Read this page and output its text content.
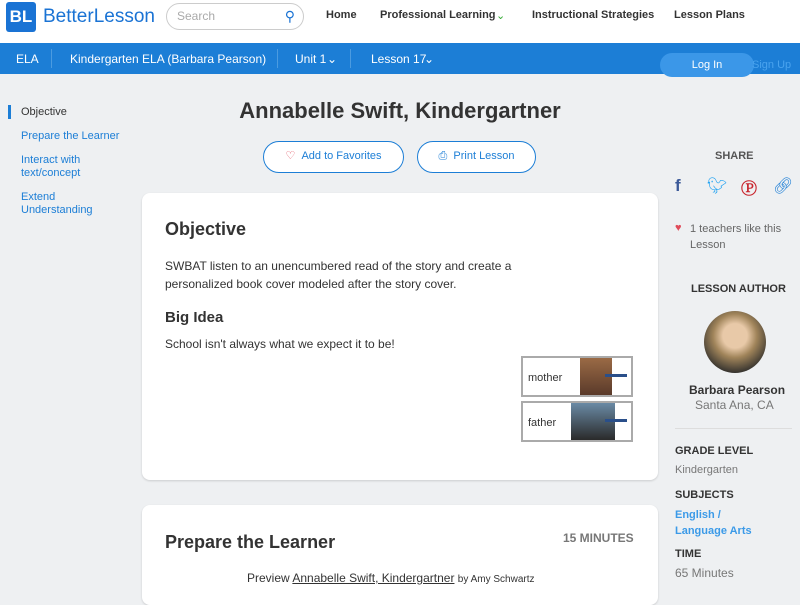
BL BetterLesson	Search	⚲	Home Professional Learning ⌄ Instructional Strategies Lesson Plans
ELA	Kindergarten ELA (Barbara Pearson) Unit 1 ⌄	Lesson 17
⌄	Log In	Sign Up
Objective
Prepare the Learner
Interact with text/concept
Extend Understanding
Annabelle Swift, Kindergartner
♡ Add to Favorites	⎙ Print Lesson
Objective
SWBAT listen to an unencumbered read of the story and create a personalized book cover modeled after the story cover.
Big Idea
School isn't always what we expect it to be!
mother
father
Prepare the Learner	15 MINUTES
Preview Annabelle Swift, Kindergartner by Amy Schwartz
SHARE
f 🐦︎ Ⓟ 🔗︎
♥ 1 teachers like this Lesson
LESSON AUTHOR
Barbara Pearson
Santa Ana, CA
GRADE LEVEL
Kindergarten
SUBJECTS
English / Language Arts
TIME
65 Minutes
